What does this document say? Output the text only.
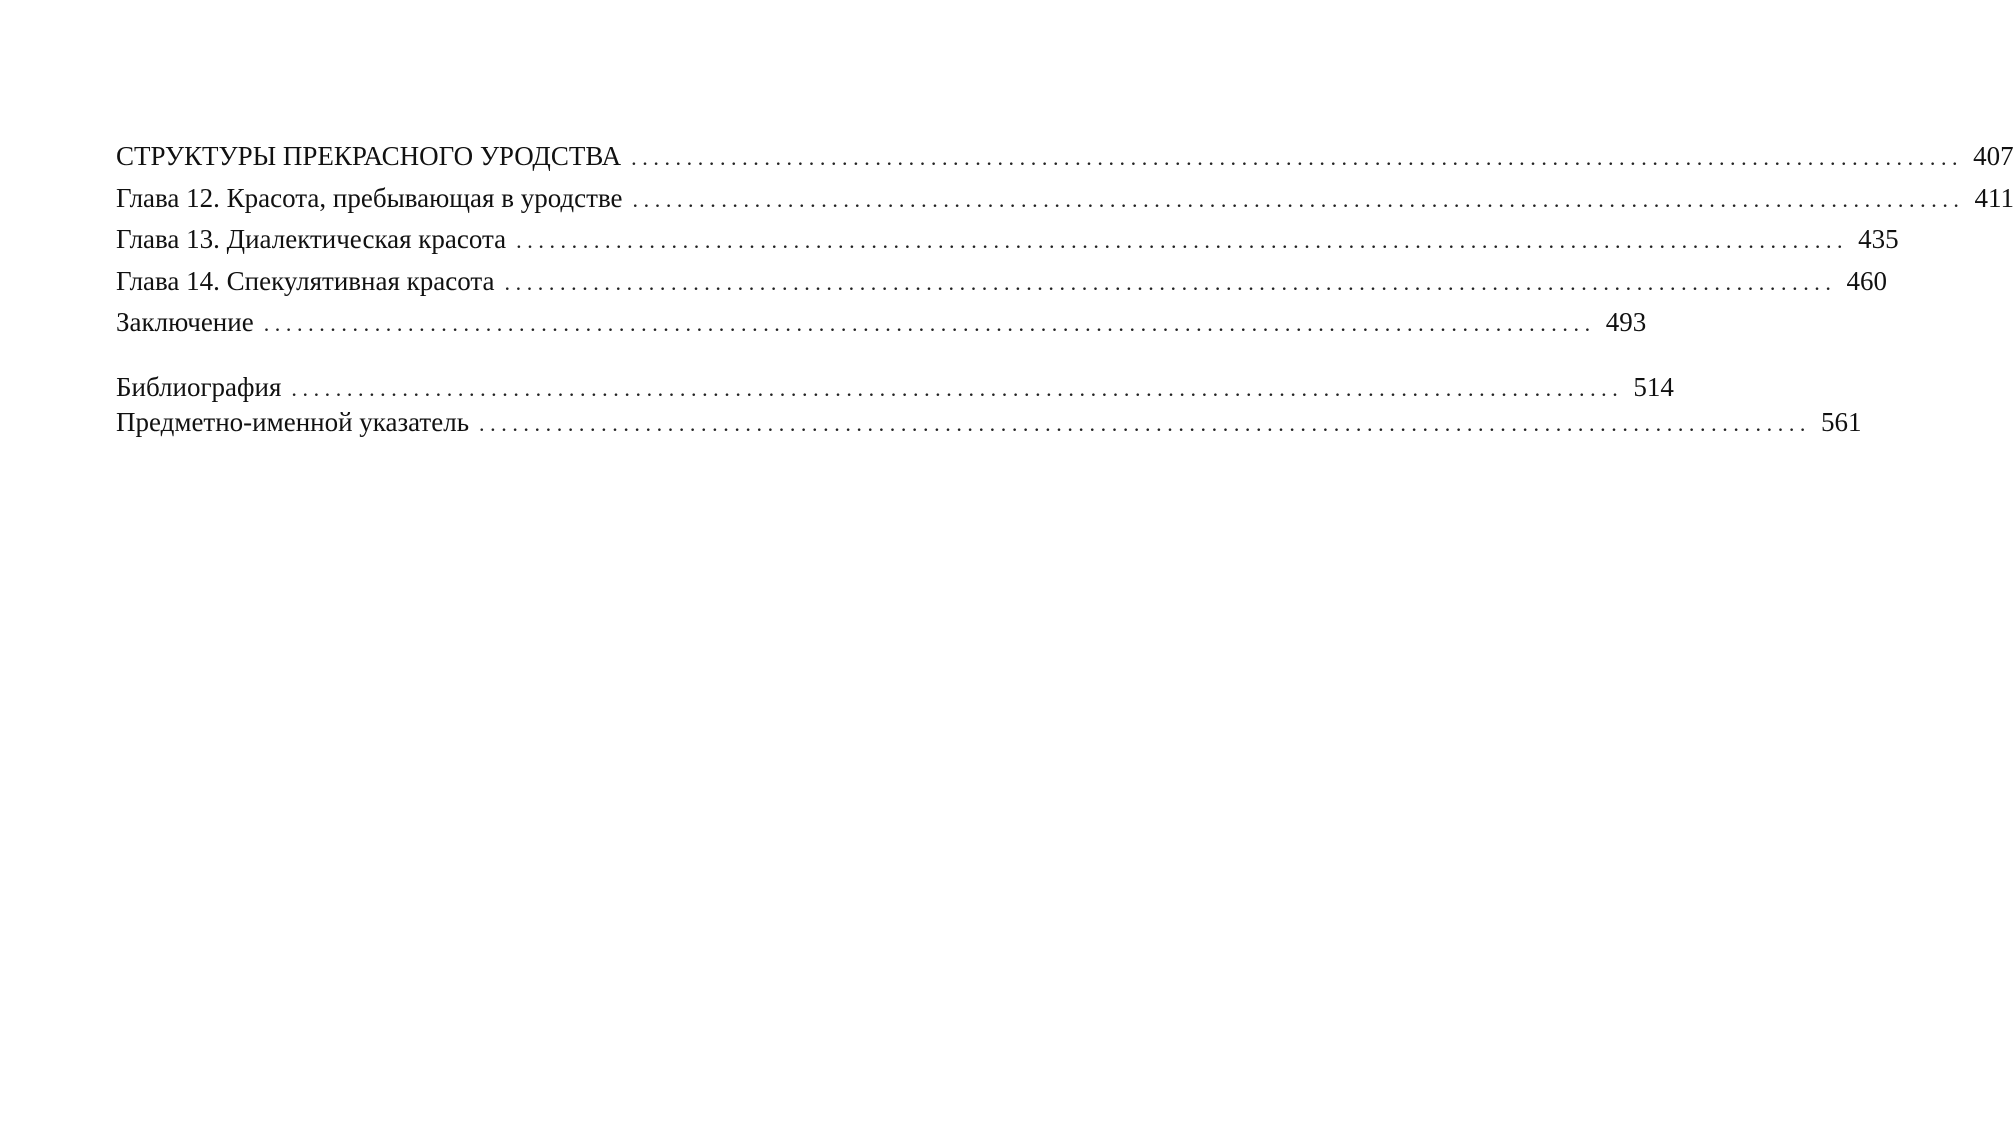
СТРУКТУРЫ ПРЕКРАСНОГО УРОДСТВА ........................................................................................................................ 407
Глава 12. Красота, пребывающая в уродстве ........................................................................................................................ 411
Глава 13. Диалектическая красота ........................................................................................................................ 435
Глава 14. Спекулятивная красота ........................................................................................................................ 460
Заключение ........................................................................................................................ 493
Библиография ........................................................................................................................ 514
Предметно-именной указатель ........................................................................................................................ 561
